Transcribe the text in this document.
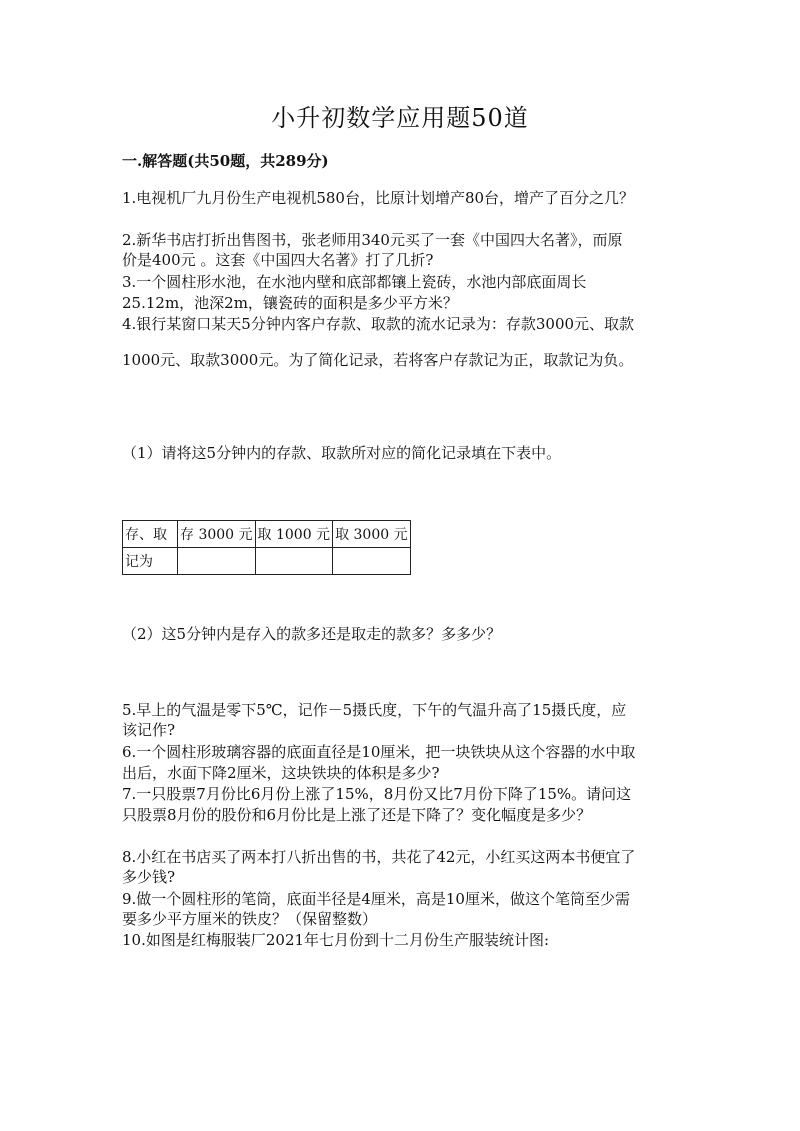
小升初数学应用题50道
一.解答题(共50题，共289分)
1.电视机厂九月份生产电视机580台，比原计划增产80台，增产了百分之几？
2.新华书店打折出售图书，张老师用340元买了一套《中国四大名著》，而原
价是400元 。这套《中国四大名著》打了几折?
3.一个圆柱形水池，在水池内壁和底部都镶上瓷砖，水池内部底面周长
25.12m，池深2m，镶瓷砖的面积是多少平方米？
4.银行某窗口某天5分钟内客户存款、取款的流水记录为：存款3000元、取款
1000元、取款3000元。为了简化记录，若将客户存款记为正，取款记为负。
（1）请将这5分钟内的存款、取款所对应的简化记录填在下表中。
存、取	存 3000 元	取 1000 元	取 3000 元
记为			
（2）这5分钟内是存入的款多还是取走的款多？多多少？
5.早上的气温是零下5℃，记作－5摄氏度，下午的气温升高了15摄氏度，应
该记作?
6.一个圆柱形玻璃容器的底面直径是10厘米，把一块铁块从这个容器的水中取
出后，水面下降2厘米，这块铁块的体积是多少?
7.一只股票7月份比6月份上涨了15%，8月份又比7月份下降了15%。请问这
只股票8月份的股份和6月份比是上涨了还是下降了？变化幅度是多少？
8.小红在书店买了两本打八折出售的书，共花了42元，小红买这两本书便宜了
多少钱?
9.做一个圆柱形的笔筒，底面半径是4厘米，高是10厘米，做这个笔筒至少需
要多少平方厘米的铁皮？（保留整数）
10.如图是红梅服装厂2021年七月份到十二月份生产服装统计图:
